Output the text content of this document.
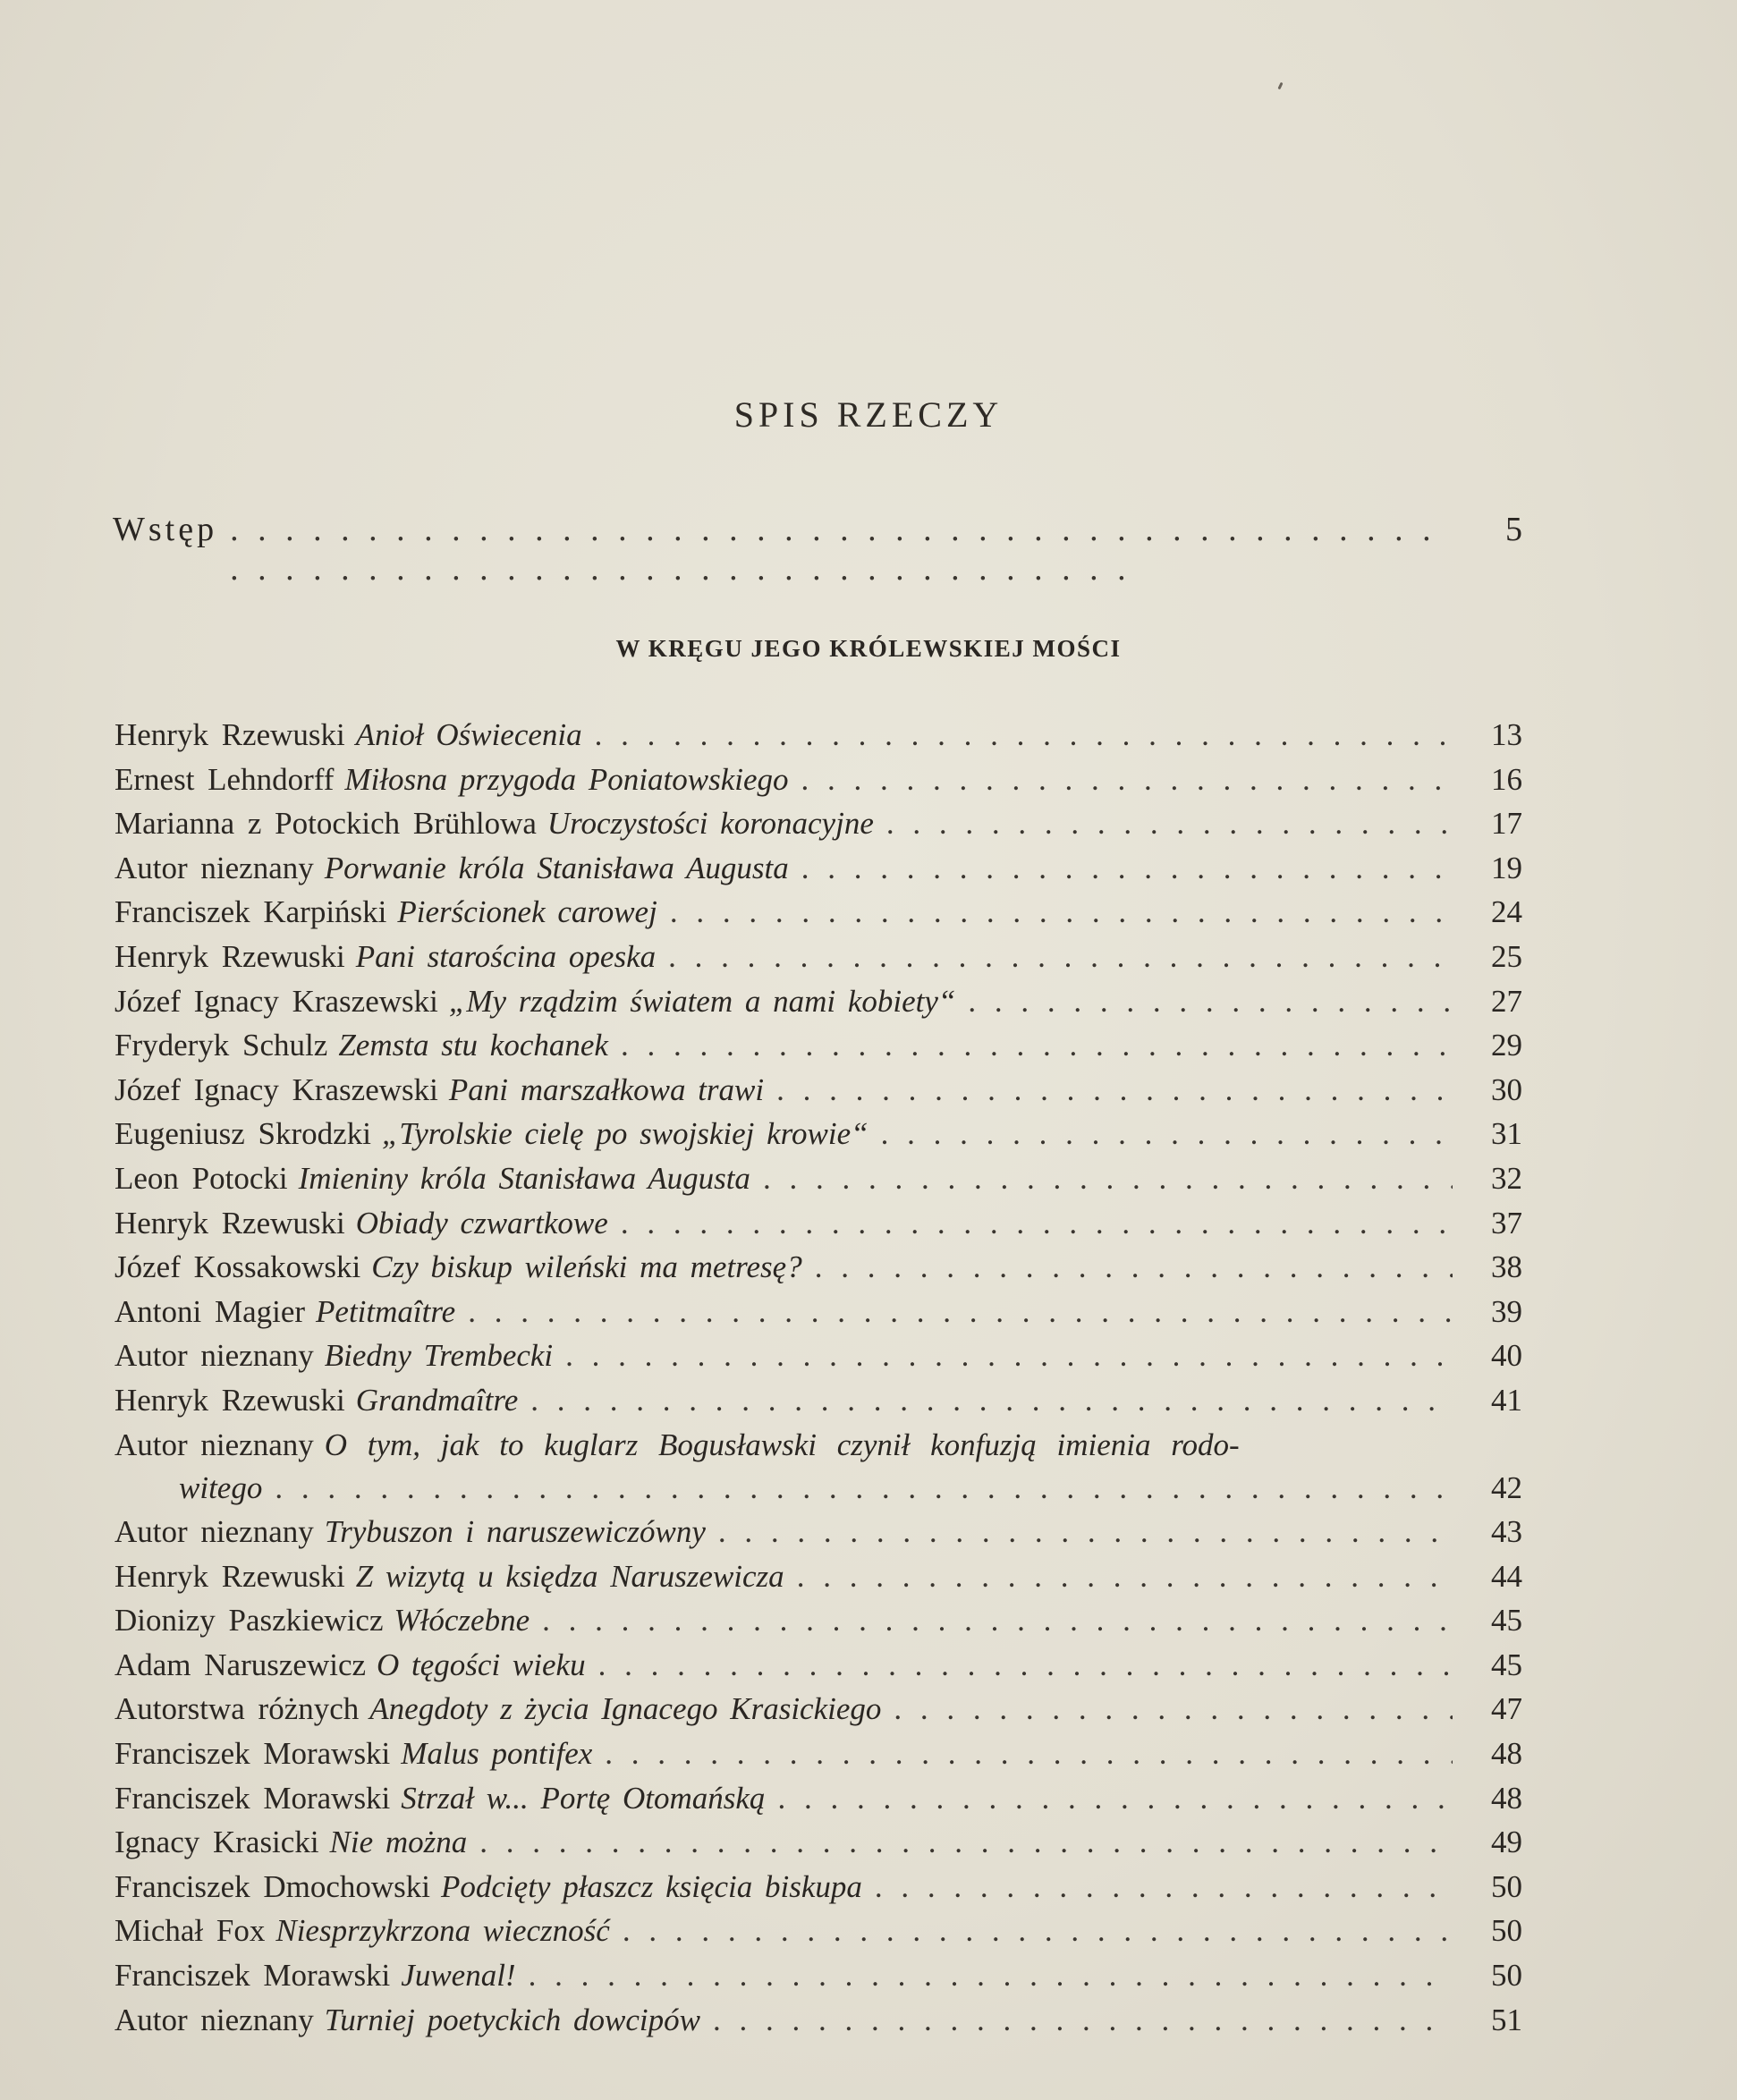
SPIS RZECZY
Wstęp . . .	5
W KRĘGU JEGO KRÓLEWSKIEJ MOŚCI
Henryk Rzewuski Anioł Oświecenia . . .	13
Ernest Lehndorff Miłosna przygoda Poniatowskiego . . .	16
Marianna z Potockich Brühlowa Uroczystości koronacyjne . . .	17
Autor nieznany Porwanie króla Stanisława Augusta . . .	19
Franciszek Karpiński Pierścionek carowej . . .	24
Henryk Rzewuski Pani starościna opeska . . .	25
Józef Ignacy Kraszewski „My rządzim światem a nami kobiety“ . . .	27
Fryderyk Schulz Zemsta stu kochanek . . .	29
Józef Ignacy Kraszewski Pani marszałkowa trawi . . .	30
Eugeniusz Skrodzki „Tyrolskie cielę po swojskiej krowie“ . . .	31
Leon Potocki Imieniny króla Stanisława Augusta . . .	32
Henryk Rzewuski Obiady czwartkowe . . .	37
Józef Kossakowski Czy biskup wileński ma metresę? . . .	38
Antoni Magier Petitmaître . . .	39
Autor nieznany Biedny Trembecki . . .	40
Henryk Rzewuski Grandmaître . . .	41
Autor nieznany O tym, jak to kuglarz Bogusławski czynił konfuzją imienia rodo-
witego . . .	42
Autor nieznany Trybuszon i naruszewiczówny . . .	43
Henryk Rzewuski Z wizytą u księdza Naruszewicza . . .	44
Dionizy Paszkiewicz Włóczebne . . .	45
Adam Naruszewicz O tęgości wieku . . .	45
Autorstwa różnych Anegdoty z życia Ignacego Krasickiego . . .	47
Franciszek Morawski Malus pontifex . . .	48
Franciszek Morawski Strzał w... Portę Otomańską . . .	48
Ignacy Krasicki Nie można . . .	49
Franciszek Dmochowski Podcięty płaszcz księcia biskupa . . .	50
Michał Fox Niesprzykrzona wieczność . . .	50
Franciszek Morawski Juwenal! . . .	50
Autor nieznany Turniej poetyckich dowcipów . . .	51
